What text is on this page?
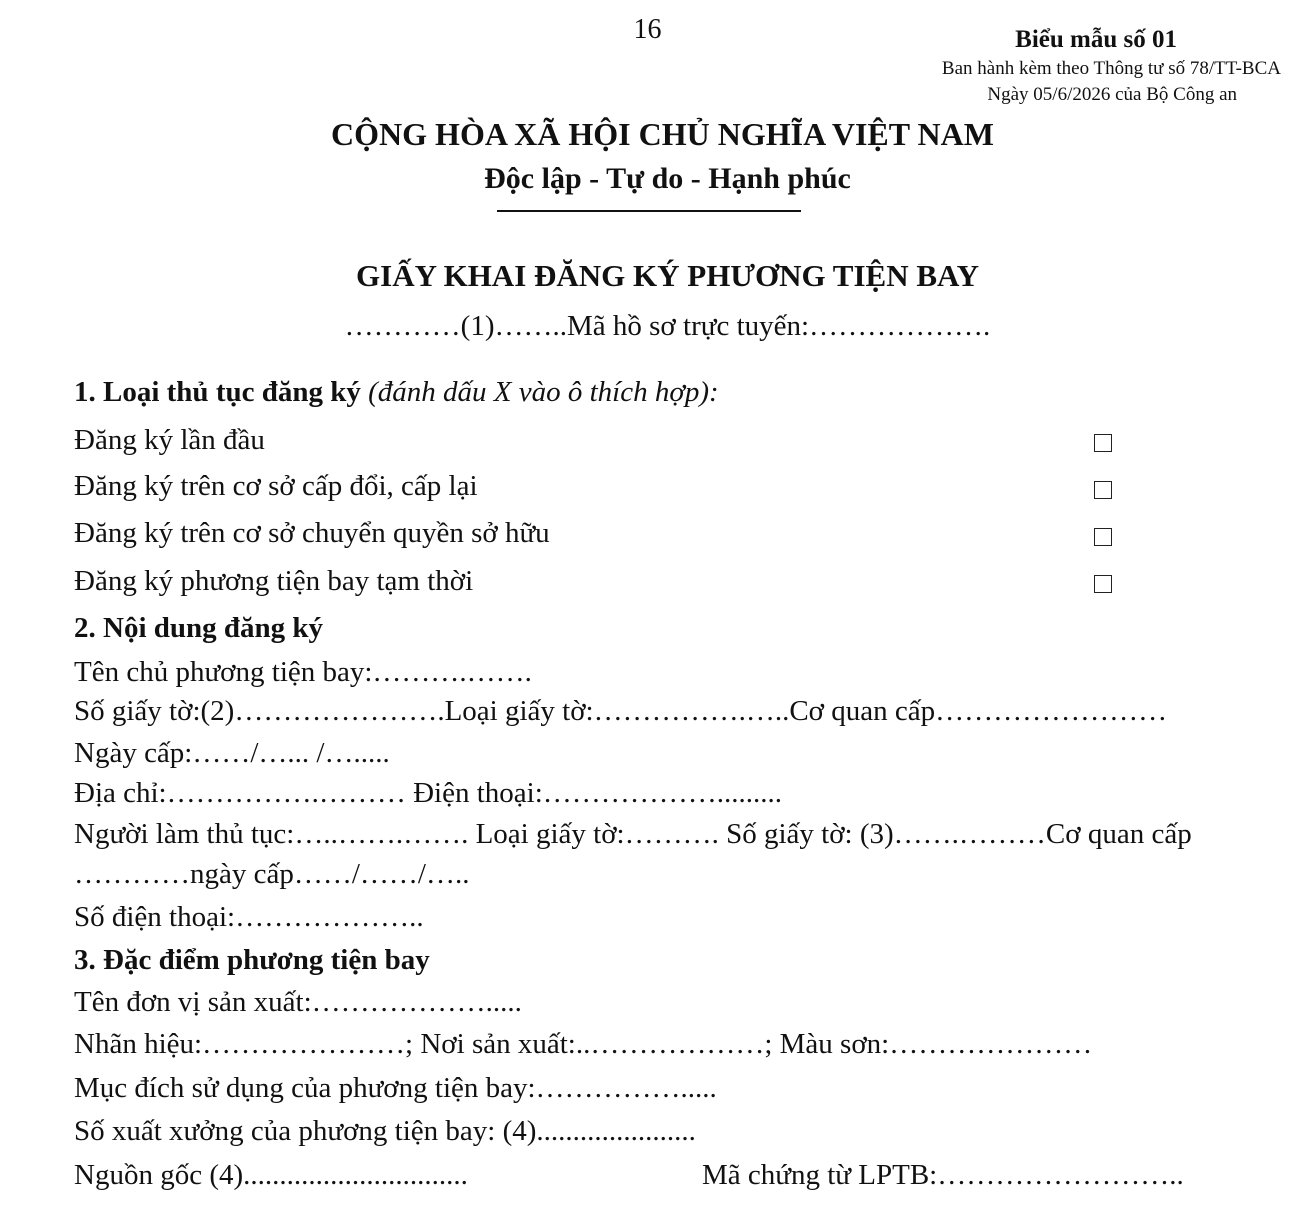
16	Biểu mẫu số 01
Ban hành kèm theo Thông tư số 78/TT-BCA
Ngày 05/6/2026 của Bộ Công an
CỘNG HÒA XÃ HỘI CHỦ NGHĨA VIỆT NAM
Độc lập - Tự do - Hạnh phúc
GIẤY KHAI ĐĂNG KÝ PHƯƠNG TIỆN BAY
…………(1)……..Mã hồ sơ trực tuyến:……………….
1. Loại thủ tục đăng ký (đánh dấu X vào ô thích hợp):
Đăng ký lần đầu
Đăng ký trên cơ sở cấp đổi, cấp lại
Đăng ký trên cơ sở chuyển quyền sở hữu
Đăng ký phương tiện bay tạm thời
2. Nội dung đăng ký
Tên chủ phương tiện bay:……….…….
Số giấy tờ:(2)………………….Loại giấy tờ:…………….…..Cơ quan cấp……………………
Ngày cấp:……/…... /….....
Địa chỉ:…………….……… Điện thoại:……………….........
Người làm thủ tục:…..…….……. Loại giấy tờ:………. Số giấy tờ: (3)…….………Cơ quan cấp
…………ngày cấp……/……/…..
Số điện thoại:………………..
3. Đặc điểm phương tiện bay
Tên đơn vị sản xuất:……………….....
Nhãn hiệu:…………………; Nơi sản xuất:..………………; Màu sơn:…………………
Mục đích sử dụng của phương tiện bay:…………….....
Số xuất xưởng của phương tiện bay: (4)......................
Nguồn gốc (4)...............................	Mã chứng từ LPTB:……………………..
